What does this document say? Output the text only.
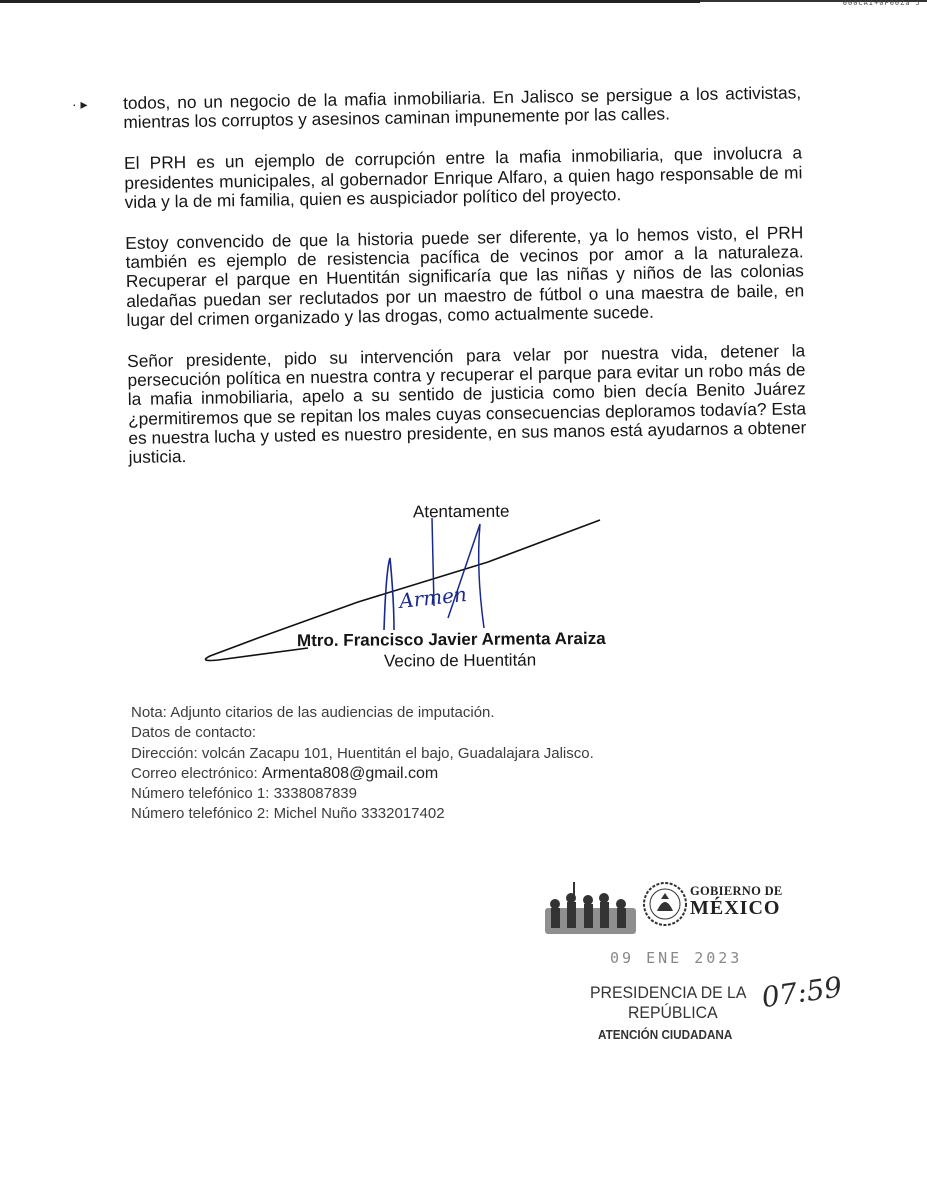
000CAI+0F00Za J
· ▸ todos, no un negocio de la mafia inmobiliaria. En Jalisco se persigue a los activistas, mientras los corruptos y asesinos caminan impunemente por las calles.

El PRH es un ejemplo de corrupción entre la mafia inmobiliaria, que involucra a presidentes municipales, al gobernador Enrique Alfaro, a quien hago responsable de mi vida y la de mi familia, quien es auspiciador político del proyecto.

Estoy convencido de que la historia puede ser diferente, ya lo hemos visto, el PRH también es ejemplo de resistencia pacífica de vecinos por amor a la naturaleza. Recuperar el parque en Huentitán significaría que las niñas y niños de las colonias aledañas puedan ser reclutados por un maestro de fútbol o una maestra de baile, en lugar del crimen organizado y las drogas, como actualmente sucede.

Señor presidente, pido su intervención para velar por nuestra vida, detener la persecución política en nuestra contra y recuperar el parque para evitar un robo más de la mafia inmobiliaria, apelo a su sentido de justicia como bien decía Benito Juárez ¿permitiremos que se repitan los males cuyas consecuencias deploramos todavía? Esta es nuestra lucha y usted es nuestro presidente, en sus manos está ayudarnos a obtener justicia.

Atentamente
Armen
Mtro. Francisco Javier Armenta Araiza
Vecino de Huentitán
Nota: Adjunto citarios de las audiencias de imputación.
Datos de contacto:
Dirección: volcán Zacapu 101, Huentitán el bajo, Guadalajara Jalisco.
Correo electrónico: Armenta808@gmail.com
Número telefónico 1: 3338087839
Número telefónico 2: Michel Nuño 3332017402
GOBIERNO DE
MÉXICO
09 ENE 2023
PRESIDENCIA DE LA
REPÚBLICA
ATENCIÓN CIUDADANA
07:59
